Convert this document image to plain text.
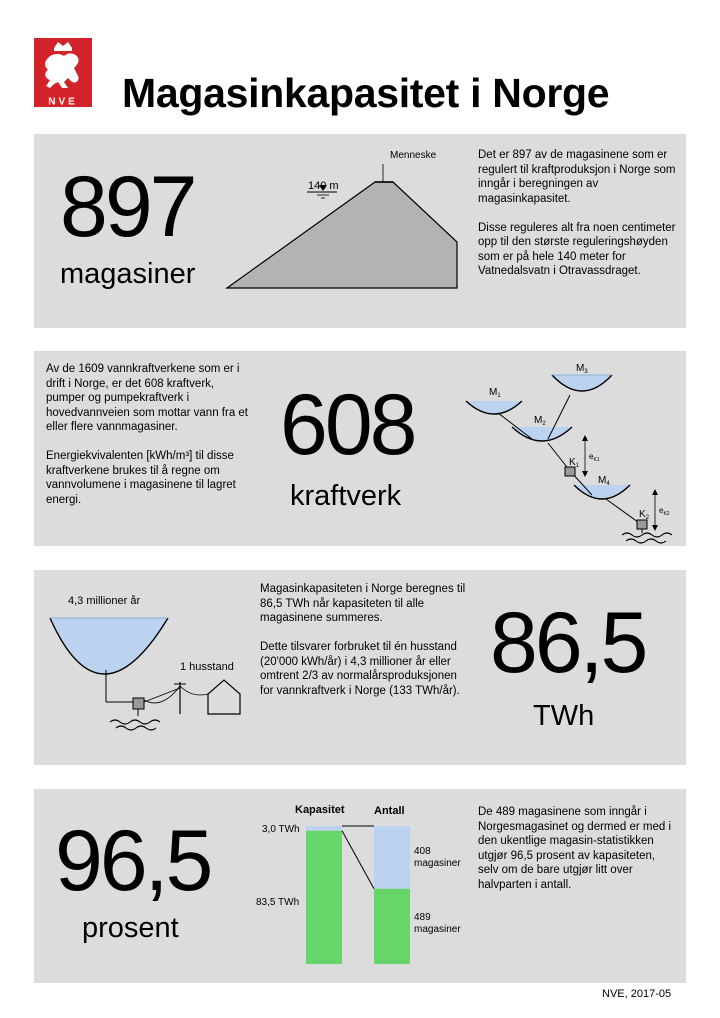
NVE Magasinkapasitet i Norge
897
magasiner
Menneske
140 m

Det er 897 av de magasinene som er regulert til kraftproduksjon i Norge som inngår i beregningen av magasinkapasitet.

Disse reguleres alt fra noen centimeter opp til den største reguleringshøyden som er på hele 140 meter for Vatnedalsvatn i Otravassdraget.

Av de 1609 vannkraftverkene som er i drift i Norge, er det 608 kraftverk, pumper og pumpekraftverk i hovedvannveien som mottar vann fra et eller flere vannmagasiner.

Energiekvivalenten [kWh/m³] til disse kraftverkene brukes til å regne om vannvolumene i magasinene til lagret energi.

608
kraftverk
$M_1$
$M_2$
$M_3$
$M_4$
$K_1$
$K_2$
$e_{K1}$
$e_{K2}$
4,3 millioner år
1 husstand

Magasinkapasiteten i Norge beregnes til 86,5 TWh når kapasiteten til alle magasinene summeres.

Dette tilsvarer forbruket til én husstand (20'000 kWh/år) i 4,3 millioner år eller omtrent 2/3 av normalårsproduksjonen for vannkraftverk i Norge (133 TWh/år). 86,5
TWh
96,5
prosent
Kapasitet	Antall
3,0 TWh
83,5 TWh
408
magasiner
489
magasiner

De 489 magasinene som inngår i Norgesmagasinet og dermed er med i den ukentlige magasin-statistikken utgjør 96,5 prosent av kapasiteten, selv om de bare utgjør litt over halvparten i antall.

NVE, 2017-05
